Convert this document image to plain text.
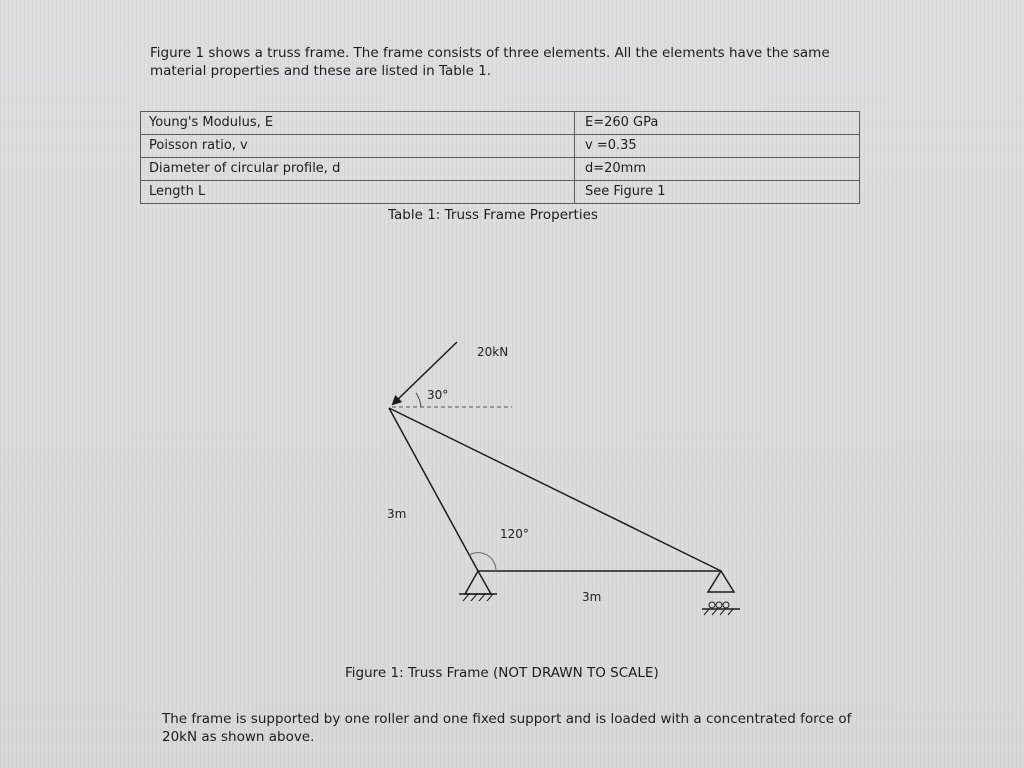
Figure 1 shows a truss frame. The frame consists of three elements. All the elements have the same material properties and these are listed in Table 1.

Young's Modulus, E	E=260 GPa
Poisson ratio, v	v =0.35
Diameter of circular profile, d	d=20mm
Length L	See Figure 1

Table 1: Truss Frame Properties

20kN
30°
120°
3m
3m

Figure 1: Truss Frame (NOT DRAWN TO SCALE)

The frame is supported by one roller and one fixed support and is loaded with a concentrated force of 20kN as shown above.
